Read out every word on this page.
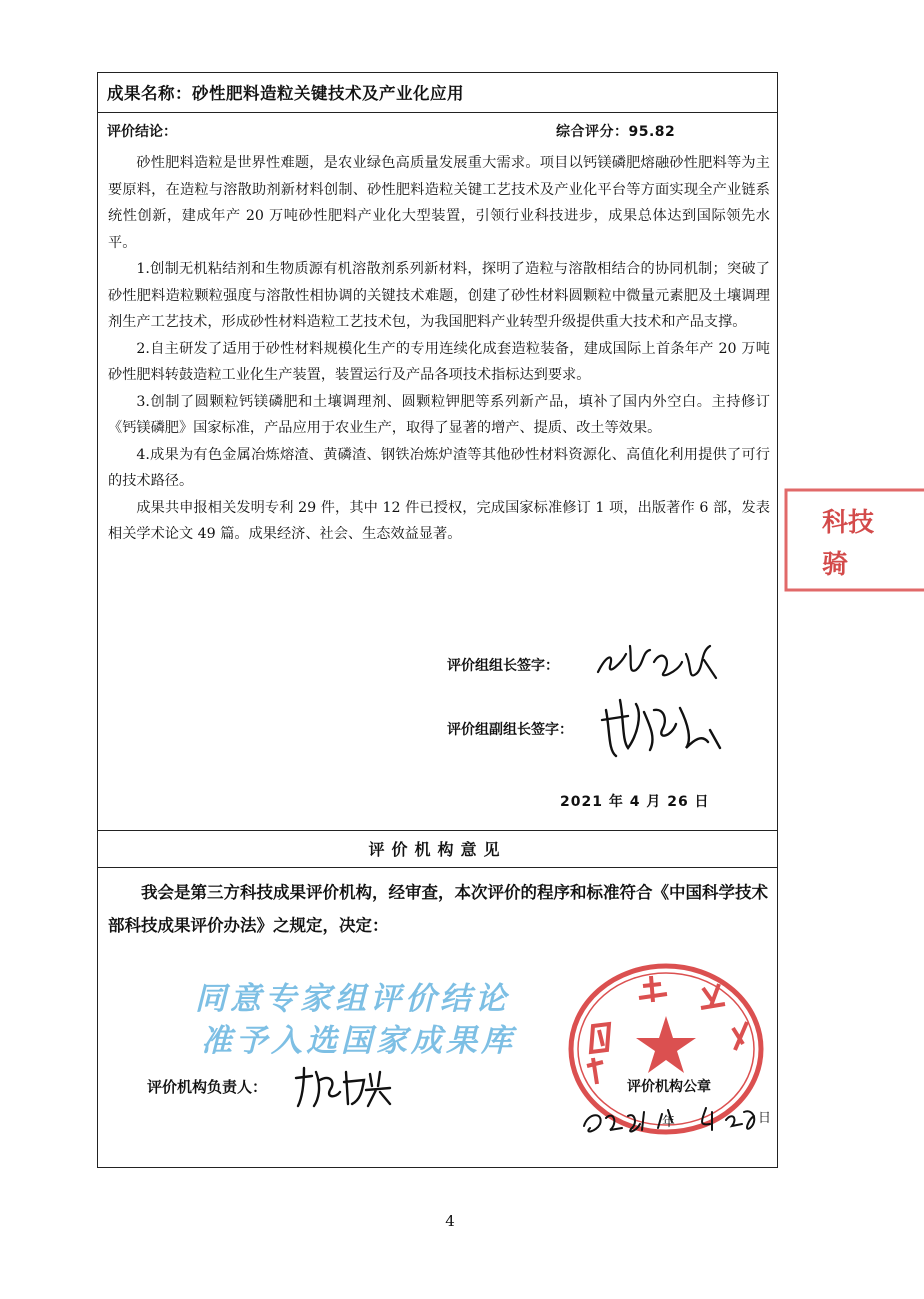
成果名称：砂性肥料造粒关键技术及产业化应用
评价结论：	综合评分：95.82

砂性肥料造粒是世界性难题，是农业绿色高质量发展重大需求。项目以钙镁磷肥熔融砂性肥料等为主要原料，在造粒与溶散助剂新材料创制、砂性肥料造粒关键工艺技术及产业化平台等方面实现全产业链系统性创新，建成年产 20 万吨砂性肥料产业化大型装置，引领行业科技进步，成果总体达到国际领先水平。

1.创制无机粘结剂和生物质源有机溶散剂系列新材料，探明了造粒与溶散相结合的协同机制；突破了砂性肥料造粒颗粒强度与溶散性相协调的关键技术难题，创建了砂性材料圆颗粒中微量元素肥及土壤调理剂生产工艺技术，形成砂性材料造粒工艺技术包，为我国肥料产业转型升级提供重大技术和产品支撑。

2.自主研发了适用于砂性材料规模化生产的专用连续化成套造粒装备，建成国际上首条年产 20 万吨砂性肥料转鼓造粒工业化生产装置，装置运行及产品各项技术指标达到要求。

3.创制了圆颗粒钙镁磷肥和土壤调理剂、圆颗粒钾肥等系列新产品，填补了国内外空白。主持修订《钙镁磷肥》国家标准，产品应用于农业生产，取得了显著的增产、提质、改土等效果。

4.成果为有色金属冶炼熔渣、黄磷渣、钢铁冶炼炉渣等其他砂性材料资源化、高值化利用提供了可行的技术路径。

成果共申报相关发明专利 29 件，其中 12 件已授权，完成国家标准修订 1 项，出版著作 6 部，发表相关学术论文 49 篇。成果经济、社会、生态效益显著。

评价组组长签字：
评价组副组长签字：
2021 年 4 月 26 日
评价机构意见

我会是第三方科技成果评价机构，经审查，本次评价的程序和标准符合《中国科学技术部科技成果评价办法》之规定，决定：

同意专家组评价结论
准予入选国家成果库
评价机构负责人：	评价机构公章
年	日
科技
骑
4
